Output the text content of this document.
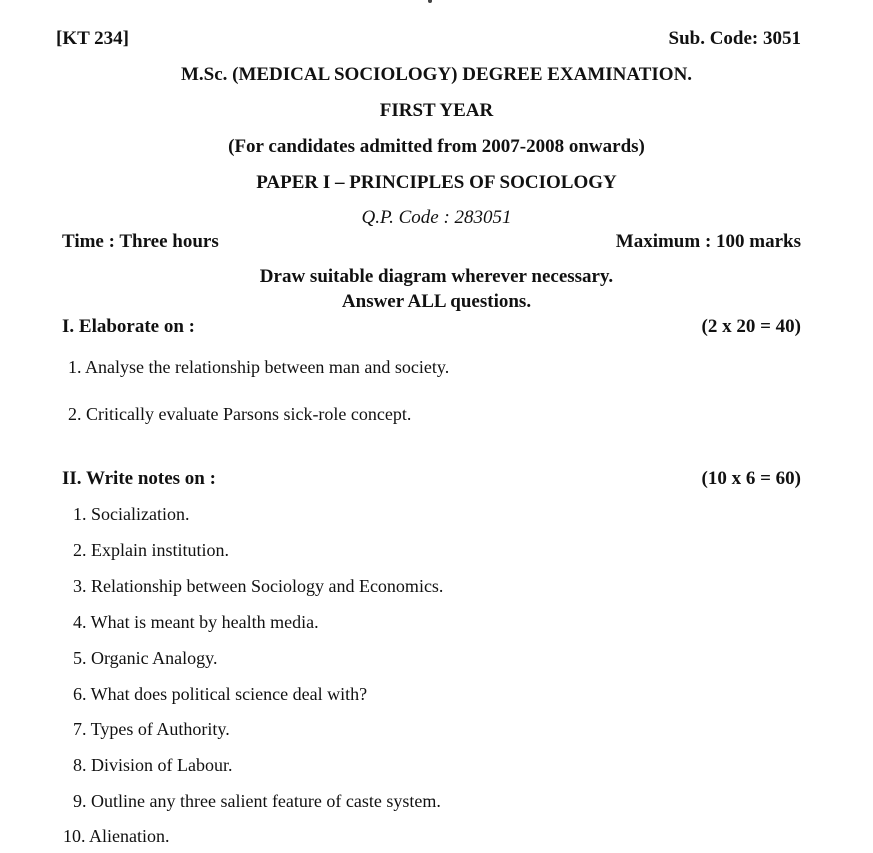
[KT 234]	Sub. Code: 3051
M.Sc. (MEDICAL SOCIOLOGY) DEGREE EXAMINATION.
FIRST YEAR
(For candidates admitted from 2007-2008 onwards)
PAPER I – PRINCIPLES OF SOCIOLOGY
Q.P. Code : 283051
Time : Three hours	Maximum : 100 marks
Draw suitable diagram wherever necessary.
Answer ALL questions.
I. Elaborate on :	(2 x 20 = 40)
1. Analyse the relationship between man and society.
2. Critically evaluate Parsons sick-role concept.
II. Write notes on :	(10 x 6 = 60)
1. Socialization.
2. Explain institution.
3. Relationship between Sociology and Economics.
4. What is meant by health media.
5. Organic Analogy.
6. What does political science deal with?
7. Types of Authority.
8. Division of Labour.
9. Outline any three salient feature of caste system.
10. Alienation.
